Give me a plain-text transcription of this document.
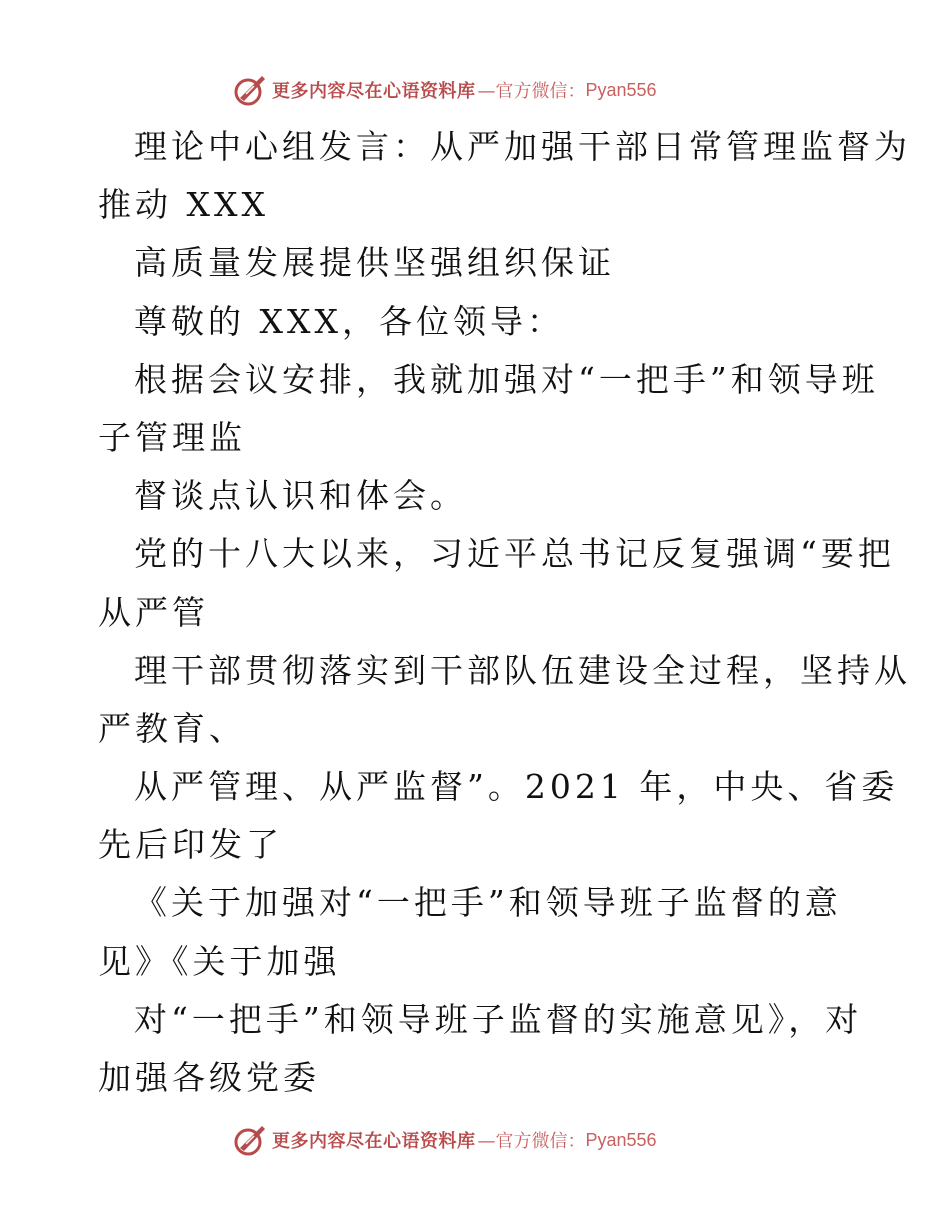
更多内容尽在心语资料库 —官方微信： Pyan556
理论中心组发言：从严加强干部日常管理监督为
推动 XXX
高质量发展提供坚强组织保证
尊敬的 XXX，各位领导：
根据会议安排，我就加强对“一把手”和领导班
子管理监
督谈点认识和体会。
党的十八大以来，习近平总书记反复强调“要把
从严管
理干部贯彻落实到干部队伍建设全过程，坚持从
严教育、
从严管理、从严监督”。2021 年，中央、省委
先后印发了
《关于加强对“一把手”和领导班子监督的意
见》《关于加强
对“一把手”和领导班子监督的实施意见》，对
加强各级党委
更多内容尽在心语资料库 —官方微信： Pyan556
